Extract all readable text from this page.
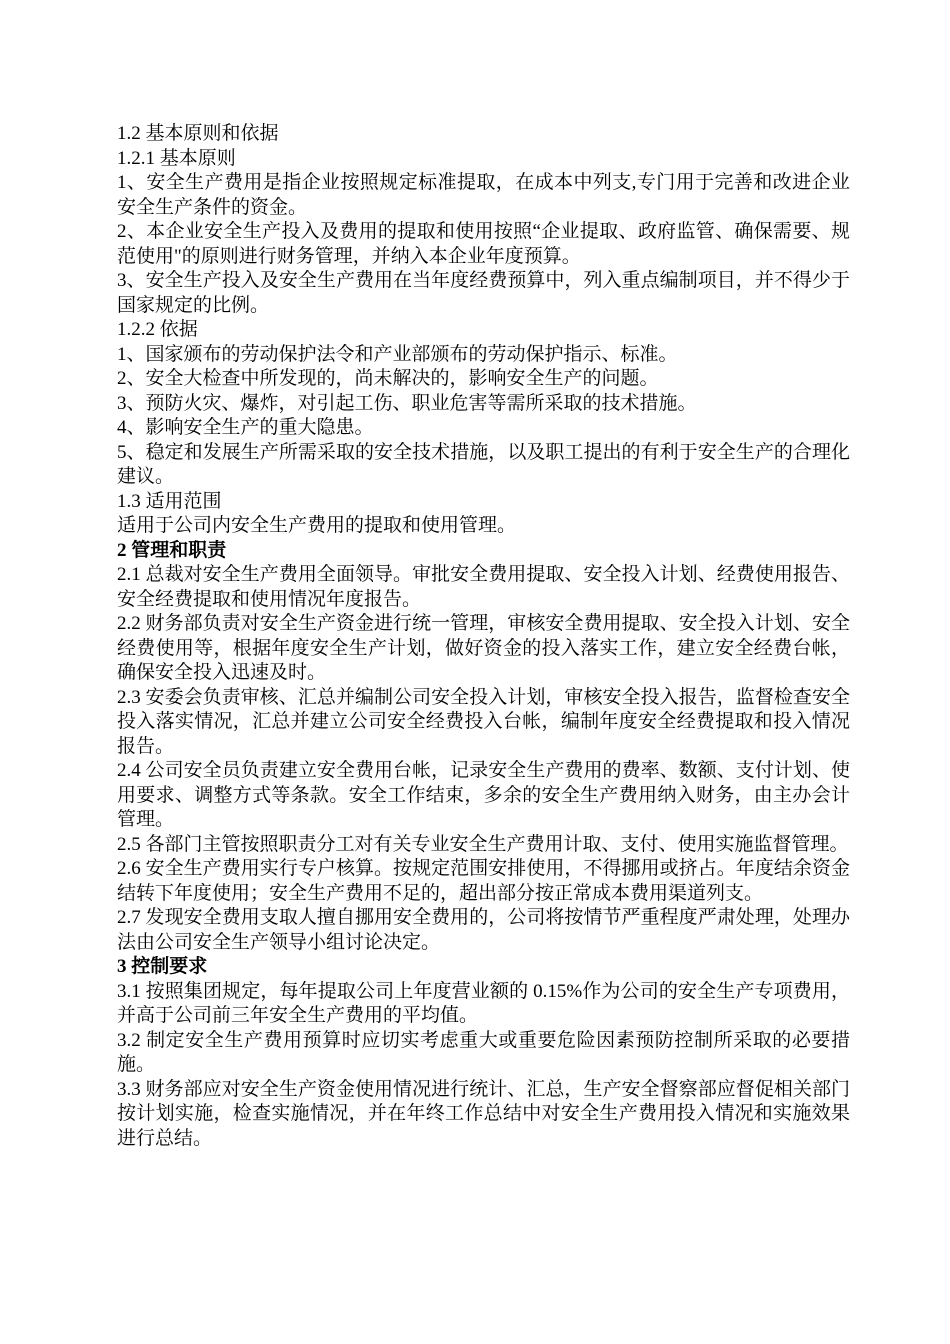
1.2 基本原则和依据

1.2.1 基本原则

1、安全生产费用是指企业按照规定标准提取，在成本中列支,专门用于完善和改进企业安全生产条件的资金。

2、本企业安全生产投入及费用的提取和使用按照“企业提取、政府监管、确保需要、规范使用"的原则进行财务管理，并纳入本企业年度预算。

3、安全生产投入及安全生产费用在当年度经费预算中，列入重点编制项目，并不得少于国家规定的比例。

1.2.2 依据

1、国家颁布的劳动保护法令和产业部颁布的劳动保护指示、标准。

2、安全大检查中所发现的，尚未解决的，影响安全生产的问题。

3、预防火灾、爆炸，对引起工伤、职业危害等需所采取的技术措施。

4、影响安全生产的重大隐患。

5、稳定和发展生产所需采取的安全技术措施，以及职工提出的有利于安全生产的合理化建议。

1.3 适用范围

适用于公司内安全生产费用的提取和使用管理。

2 管理和职责

2.1 总裁对安全生产费用全面领导。审批安全费用提取、安全投入计划、经费使用报告、安全经费提取和使用情况年度报告。

2.2 财务部负责对安全生产资金进行统一管理，审核安全费用提取、安全投入计划、安全经费使用等，根据年度安全生产计划，做好资金的投入落实工作，建立安全经费台帐，确保安全投入迅速及时。

2.3 安委会负责审核、汇总并编制公司安全投入计划，审核安全投入报告，监督检查安全投入落实情况，汇总并建立公司安全经费投入台帐，编制年度安全经费提取和投入情况报告。

2.4 公司安全员负责建立安全费用台帐，记录安全生产费用的费率、数额、支付计划、使用要求、调整方式等条款。安全工作结束，多余的安全生产费用纳入财务，由主办会计管理。

2.5 各部门主管按照职责分工对有关专业安全生产费用计取、支付、使用实施监督管理。

2.6 安全生产费用实行专户核算。按规定范围安排使用，不得挪用或挤占。年度结余资金结转下年度使用；安全生产费用不足的，超出部分按正常成本费用渠道列支。

2.7 发现安全费用支取人擅自挪用安全费用的，公司将按情节严重程度严肃处理，处理办法由公司安全生产领导小组讨论决定。

3 控制要求

3.1 按照集团规定，每年提取公司上年度营业额的 0.15%作为公司的安全生产专项费用，并高于公司前三年安全生产费用的平均值。

3.2 制定安全生产费用预算时应切实考虑重大或重要危险因素预防控制所采取的必要措施。

3.3 财务部应对安全生产资金使用情况进行统计、汇总，生产安全督察部应督促相关部门按计划实施，检查实施情况，并在年终工作总结中对安全生产费用投入情况和实施效果进行总结。
